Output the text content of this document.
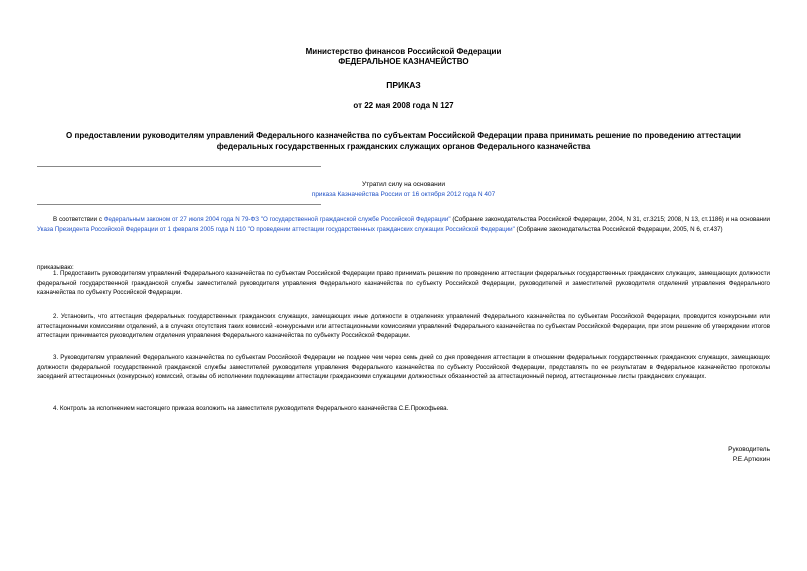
Министерство финансов Российской Федерации
ФЕДЕРАЛЬНОЕ КАЗНАЧЕЙСТВО
ПРИКАЗ
от 22 мая 2008 года N 127
О предоставлении руководителям управлений Федерального казначейства по субъектам Российской Федерации права принимать решение по проведению аттестации федеральных государственных гражданских служащих органов Федерального казначейства
Утратил силу на основании
приказа Казначейства России от 16 октября 2012 года N 407

В соответствии с Федеральным законом от 27 июля 2004 года N 79-ФЗ "О государственной гражданской службе Российской Федерации" (Собрание законодательства Российской Федерации, 2004, N 31, ст.3215; 2008, N 13, ст.1186) и на основании Указа Президента Российской Федерации от 1 февраля 2005 года N 110 "О проведении аттестации государственных гражданских служащих Российской Федерации" (Собрание законодательства Российской Федерации, 2005, N 6, ст.437)

приказываю:

1. Предоставить руководителям управлений Федерального казначейства по субъектам Российской Федерации право принимать решение по проведению аттестации федеральных государственных гражданских служащих, замещающих должности федеральной государственной гражданской службы заместителей руководителя управления Федерального казначейства по субъекту Российской Федерации, руководителей и заместителей руководителя отделений управления Федерального казначейства по субъекту Российской Федерации.

2. Установить, что аттестация федеральных государственных гражданских служащих, замещающих иные должности в отделениях управлений Федерального казначейства по субъектам Российской Федерации, проводится конкурсными или аттестационными комиссиями отделений, а в случаях отсутствия таких комиссий -конкурсными или аттестационными комиссиями управлений Федерального казначейства по субъектам Российской Федерации, при этом решение об утверждении итогов аттестации принимается руководителем отделения управления Федерального казначейства по субъекту Российской Федерации.

3. Руководителям управлений Федерального казначейства по субъектам Российской Федерации не позднее чем через семь дней со дня проведения аттестации в отношении федеральных государственных гражданских служащих, замещающих должности федеральной государственной гражданской службы заместителей руководителя управления Федерального казначейства по субъекту Российской Федерации, представлять по ее результатам в Федеральное казначейство протоколы заседаний аттестационных (конкурсных) комиссий, отзывы об исполнении подлежащими аттестации гражданскими служащими должностных обязанностей за аттестационный период, аттестационные листы гражданских служащих.

4. Контроль за исполнением настоящего приказа возложить на заместителя руководителя Федерального казначейства С.Е.Прокофьева.

Руководитель
Р.Е.Артюхин
